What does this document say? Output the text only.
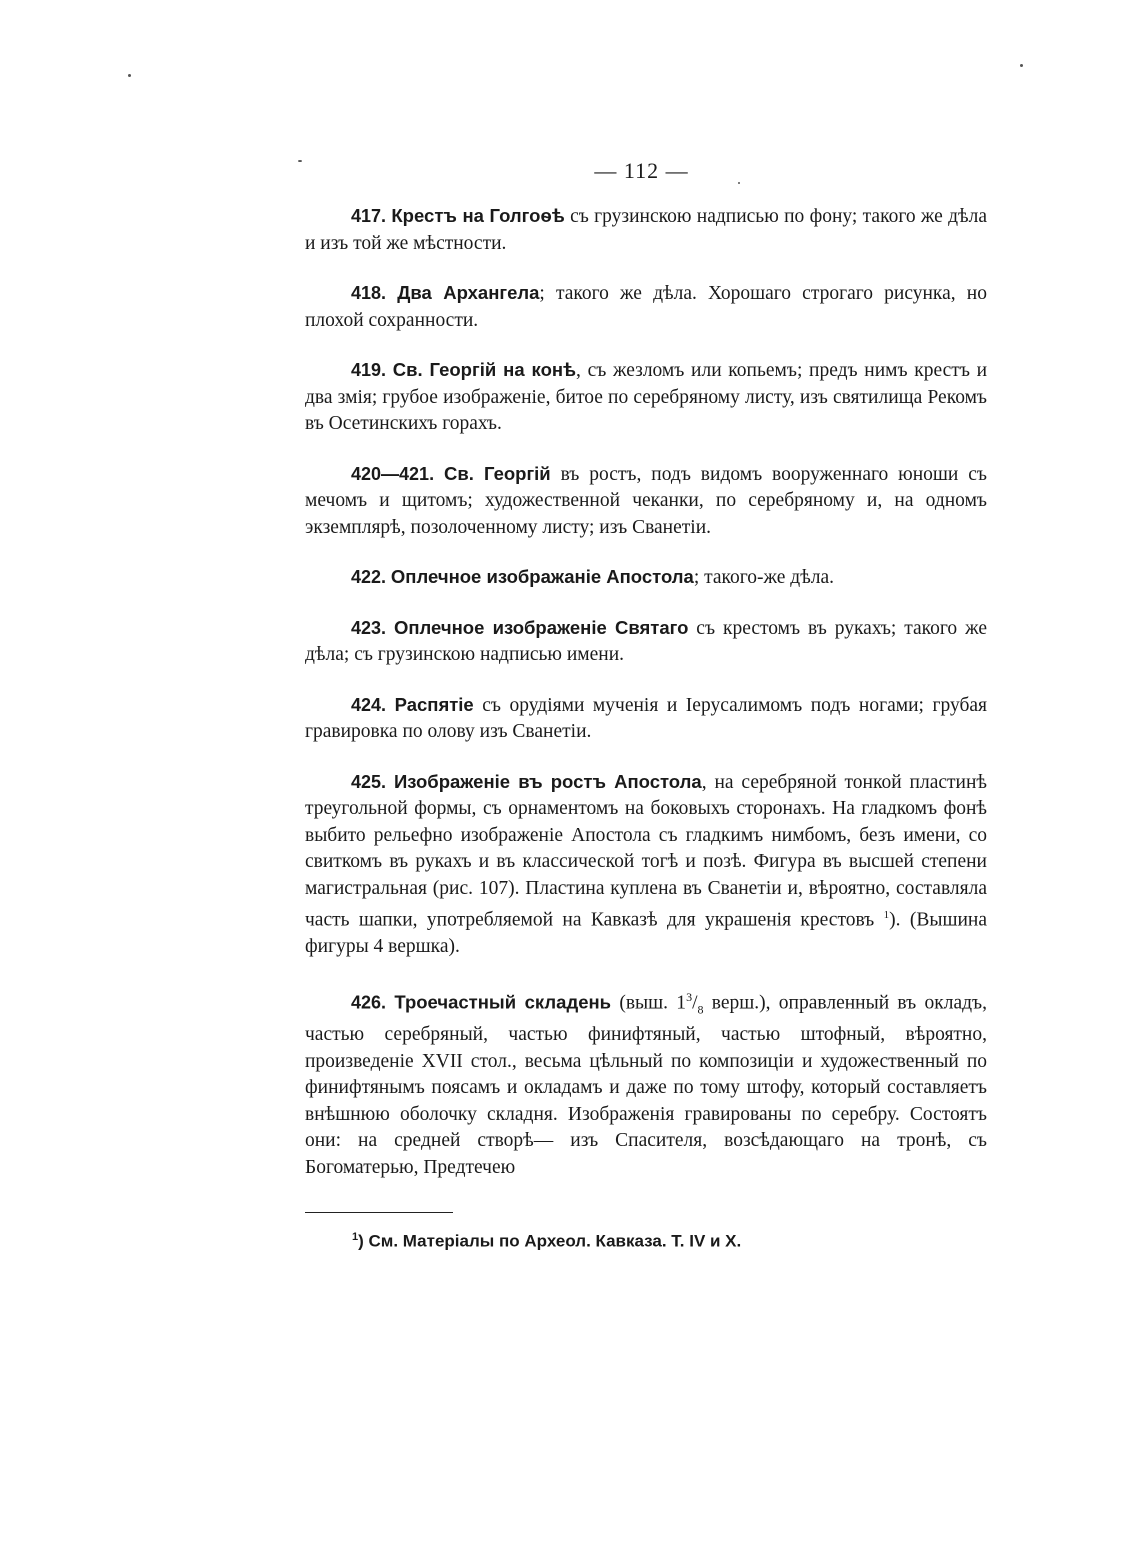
— 112 —

417. Крестъ на Голгоѳѣ съ грузинскою надписью по фону; такого же дѣла и изъ той же мѣстности.

418. Два Архангела; такого же дѣла. Хорошаго строгаго рисунка, но плохой сохранности.

419. Св. Георгій на конѣ, съ жезломъ или копьемъ; предъ нимъ крестъ и два змія; грубое изображеніе, битое по серебряному листу, изъ святилища Рекомъ въ Осетинскихъ горахъ.

420—421. Св. Георгій въ ростъ, подъ видомъ вооруженнаго юноши съ мечомъ и щитомъ; художественной чеканки, по серебряному и, на одномъ экземплярѣ, позолоченному листу; изъ Сванетіи.

422. Оплечное изображаніе Апостола; такого-же дѣла.

423. Оплечное изображеніе Святаго съ крестомъ въ рукахъ; такого же дѣла; съ грузинскою надписью имени.

424. Распятіе съ орудіями мученія и Іерусалимомъ подъ ногами; грубая гравировка по олову изъ Сванетіи.

425. Изображеніе въ ростъ Апостола, на серебряной тонкой пластинѣ треугольной формы, съ орнаментомъ на боковыхъ сторонахъ. На гладкомъ фонѣ выбито рельефно изображеніе Апостола съ гладкимъ нимбомъ, безъ имени, со свиткомъ въ рукахъ и въ классической тогѣ и позѣ. Фигура въ высшей степени магистральная (рис. 107). Пластина куплена въ Сванетіи и, вѣроятно, составляла часть шапки, употребляемой на Кавказѣ для украшенія крестовъ $^1$). (Вышина фигуры 4 вершка).

426. Троечастный складень (выш. $1^3/_8$ верш.), оправленный въ окладъ, частью серебряный, частью финифтяный, частью штофный, вѣроятно, произведеніе XVII стол., весьма цѣльный по композиціи и художественный по финифтянымъ поясамъ и окладамъ и даже по тому штофу, который составляетъ внѣшнюю оболочку складня. Изображенія гравированы по серебру. Состоятъ они: на средней створѣ— изъ Спасителя, возсѣдающаго на тронѣ, съ Богоматерью, Предтечею

$^1$) См. Матеріалы по Археол. Кавказа. Т. IV и X.
